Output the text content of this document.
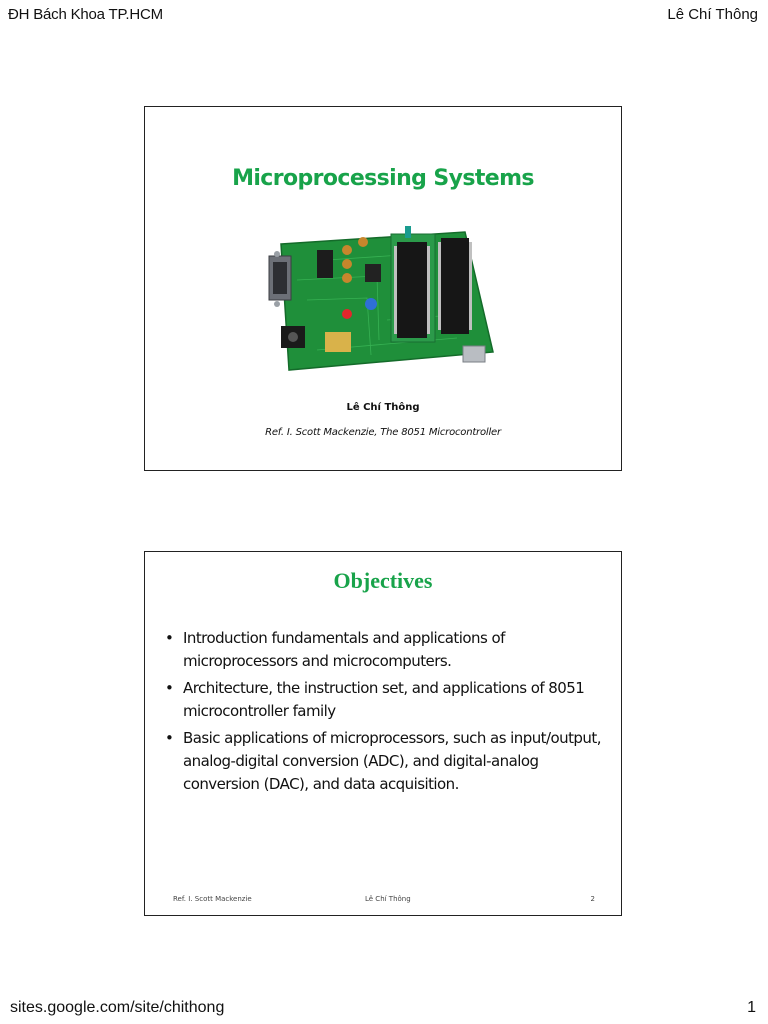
ĐH Bách Khoa TP.HCM	Lê Chí Thông
Microprocessing Systems
Lê Chí Thông
Ref. I. Scott Mackenzie, The 8051 Microcontroller
Objectives
• Introduction fundamentals and applications of microprocessors and microcomputers.
• Architecture, the instruction set, and applications of 8051 microcontroller family
• Basic applications of microprocessors, such as input/output, analog-digital conversion (ADC), and digital-analog conversion (DAC), and data acquisition.
Ref. I. Scott Mackenzie	Lê Chí Thông	2
sites.google.com/site/chithong	1
